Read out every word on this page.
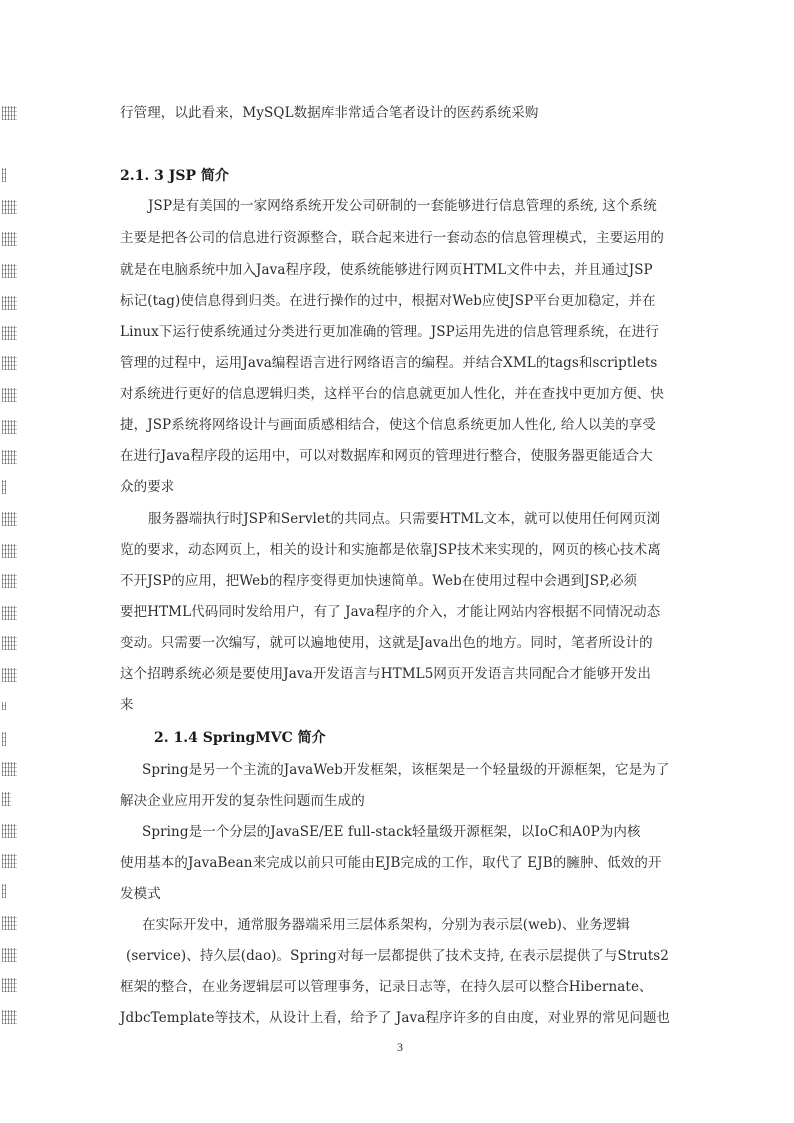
行管理，以此看来，MySQL数据库非常适合笔者设计的医药系统采购
2.1. 3 JSP 简介
JSP是有美国的一家网络系统开发公司研制的一套能够进行信息管理的系统, 这个系统
主要是把各公司的信息进行资源整合，联合起来进行一套动态的信息管理模式，主要运用的
就是在电脑系统中加入Java程序段，使系统能够进行网页HTML文件中去，并且通过JSP
标记(tag)使信息得到归类。在进行操作的过中，根据对Web应使JSP平台更加稳定，并在
Linux下运行使系统通过分类进行更加准确的管理。JSP运用先进的信息管理系统，在进行
管理的过程中，运用Java编程语言进行网络语言的编程。并结合XML的tags和scriptlets
对系统进行更好的信息逻辑归类，这样平台的信息就更加人性化，并在查找中更加方便、快
捷，JSP系统将网络设计与画面质感相结合，使这个信息系统更加人性化, 给人以美的享受
在进行Java程序段的运用中，可以对数据库和网页的管理进行整合，使服务器更能适合大
众的要求
服务器端执行时JSP和Servlet的共同点。只需要HTML文本，就可以使用任何网页浏
览的要求，动态网页上，相关的设计和实施都是依靠JSP技术来实现的，网页的核心技术离
不开JSP的应用，把Web的程序变得更加快速简单。Web在使用过程中会遇到JSP,必须
要把HTML代码同时发给用户，有了 Java程序的介入，才能让网站内容根据不同情况动态
变动。只需要一次编写，就可以遍地使用，这就是Java出色的地方。同时，笔者所设计的
这个招聘系统必须是要使用Java开发语言与HTML5网页开发语言共同配合才能够开发出
来
2. 1.4 SpringMVC 简介
Spring是另一个主流的JavaWeb开发框架，该框架是一个轻量级的开源框架，它是为了
解决企业应用开发的复杂性问题而生成的
Spring是一个分层的JavaSE/EE full-stack轻量级开源框架，以IoC和A0P为内核
使用基本的JavaBean来完成以前只可能由EJB完成的工作，取代了 EJB的臃肿、低效的开
发模式
在实际开发中，通常服务器端采用三层体系架构，分别为表示层(web)、业务逻辑
(service)、持久层(dao)。Spring对每一层都提供了技术支持, 在表示层提供了与Struts2
框架的整合，在业务逻辑层可以管理事务，记录日志等，在持久层可以整合Hibernate、
JdbcTemplate等技术，从设计上看，给予了 Java程序许多的自由度，对业界的常见问题也
3
